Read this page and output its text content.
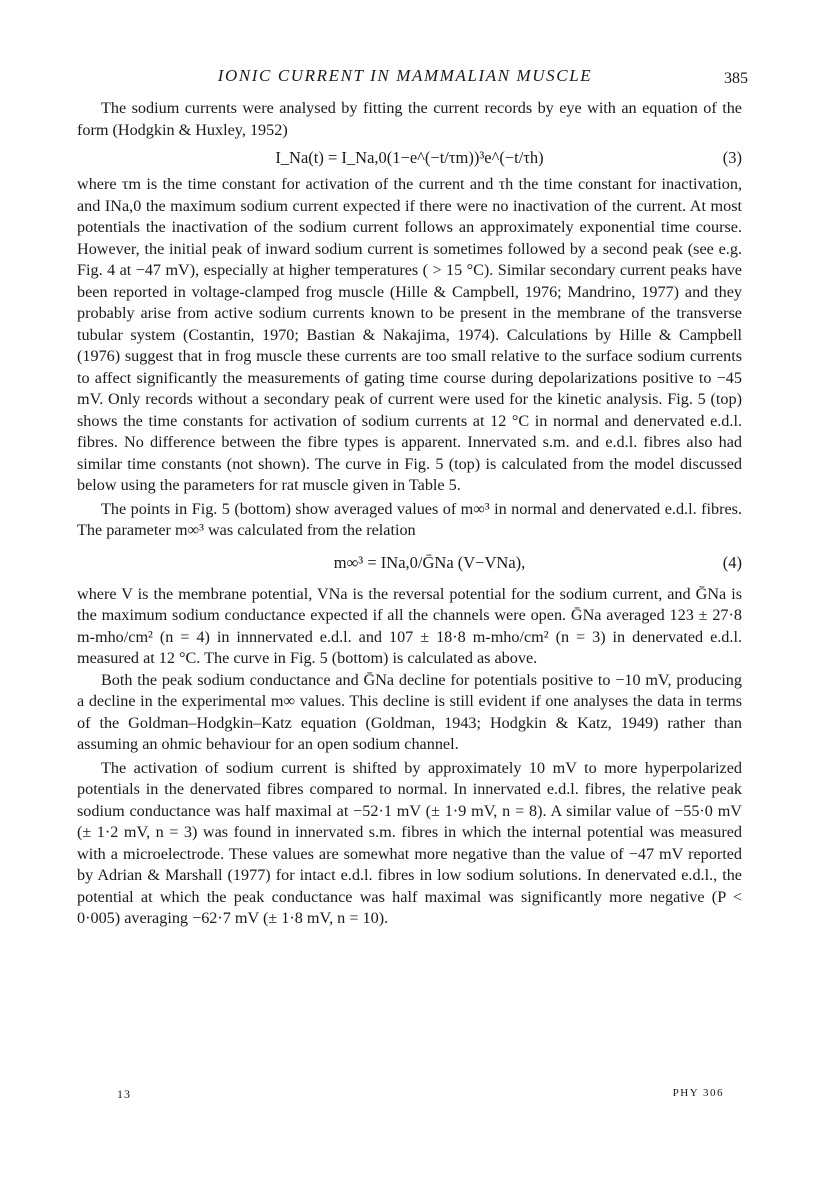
IONIC CURRENT IN MAMMALIAN MUSCLE	385

The sodium currents were analysed by fitting the current records by eye with an equation of the form (Hodgkin & Huxley, 1952)

I_Na(t) = I_Na,0(1−e^(−t/τm))³e^(−t/τh)	(3)

where τm is the time constant for activation of the current and τh the time constant for inactivation, and INa,0 the maximum sodium current expected if there were no inactivation of the current. At most potentials the inactivation of the sodium current follows an approximately exponential time course. However, the initial peak of inward sodium current is sometimes followed by a second peak (see e.g. Fig. 4 at −47 mV), especially at higher temperatures ( > 15 °C). Similar secondary current peaks have been reported in voltage-clamped frog muscle (Hille & Campbell, 1976; Mandrino, 1977) and they probably arise from active sodium currents known to be present in the membrane of the transverse tubular system (Costantin, 1970; Bastian & Nakajima, 1974). Calculations by Hille & Campbell (1976) suggest that in frog muscle these currents are too small relative to the surface sodium currents to affect significantly the measurements of gating time course during depolarizations positive to −45 mV. Only records without a secondary peak of current were used for the kinetic analysis. Fig. 5 (top) shows the time constants for activation of sodium currents at 12 °C in normal and denervated e.d.l. fibres. No difference between the fibre types is apparent. Innervated s.m. and e.d.l. fibres also had similar time constants (not shown). The curve in Fig. 5 (top) is calculated from the model discussed below using the parameters for rat muscle given in Table 5.

The points in Fig. 5 (bottom) show averaged values of m∞³ in normal and denervated e.d.l. fibres. The parameter m∞³ was calculated from the relation

m∞³ = INa,0/ḠNa (V−VNa),	(4)

where V is the membrane potential, VNa is the reversal potential for the sodium current, and ḠNa is the maximum sodium conductance expected if all the channels were open. ḠNa averaged 123 ± 27·8 m-mho/cm² (n = 4) in innnervated e.d.l. and 107 ± 18·8 m-mho/cm² (n = 3) in denervated e.d.l. measured at 12 °C. The curve in Fig. 5 (bottom) is calculated as above.

Both the peak sodium conductance and ḠNa decline for potentials positive to −10 mV, producing a decline in the experimental m∞ values. This decline is still evident if one analyses the data in terms of the Goldman–Hodgkin–Katz equation (Goldman, 1943; Hodgkin & Katz, 1949) rather than assuming an ohmic behaviour for an open sodium channel.

The activation of sodium current is shifted by approximately 10 mV to more hyperpolarized potentials in the denervated fibres compared to normal. In innervated e.d.l. fibres, the relative peak sodium conductance was half maximal at −52·1 mV (± 1·9 mV, n = 8). A similar value of −55·0 mV (± 1·2 mV, n = 3) was found in innervated s.m. fibres in which the internal potential was measured with a microelectrode. These values are somewhat more negative than the value of −47 mV reported by Adrian & Marshall (1977) for intact e.d.l. fibres in low sodium solutions. In denervated e.d.l., the potential at which the peak conductance was half maximal was significantly more negative (P < 0·005) averaging −62·7 mV (± 1·8 mV, n = 10).

13	PHY 306
